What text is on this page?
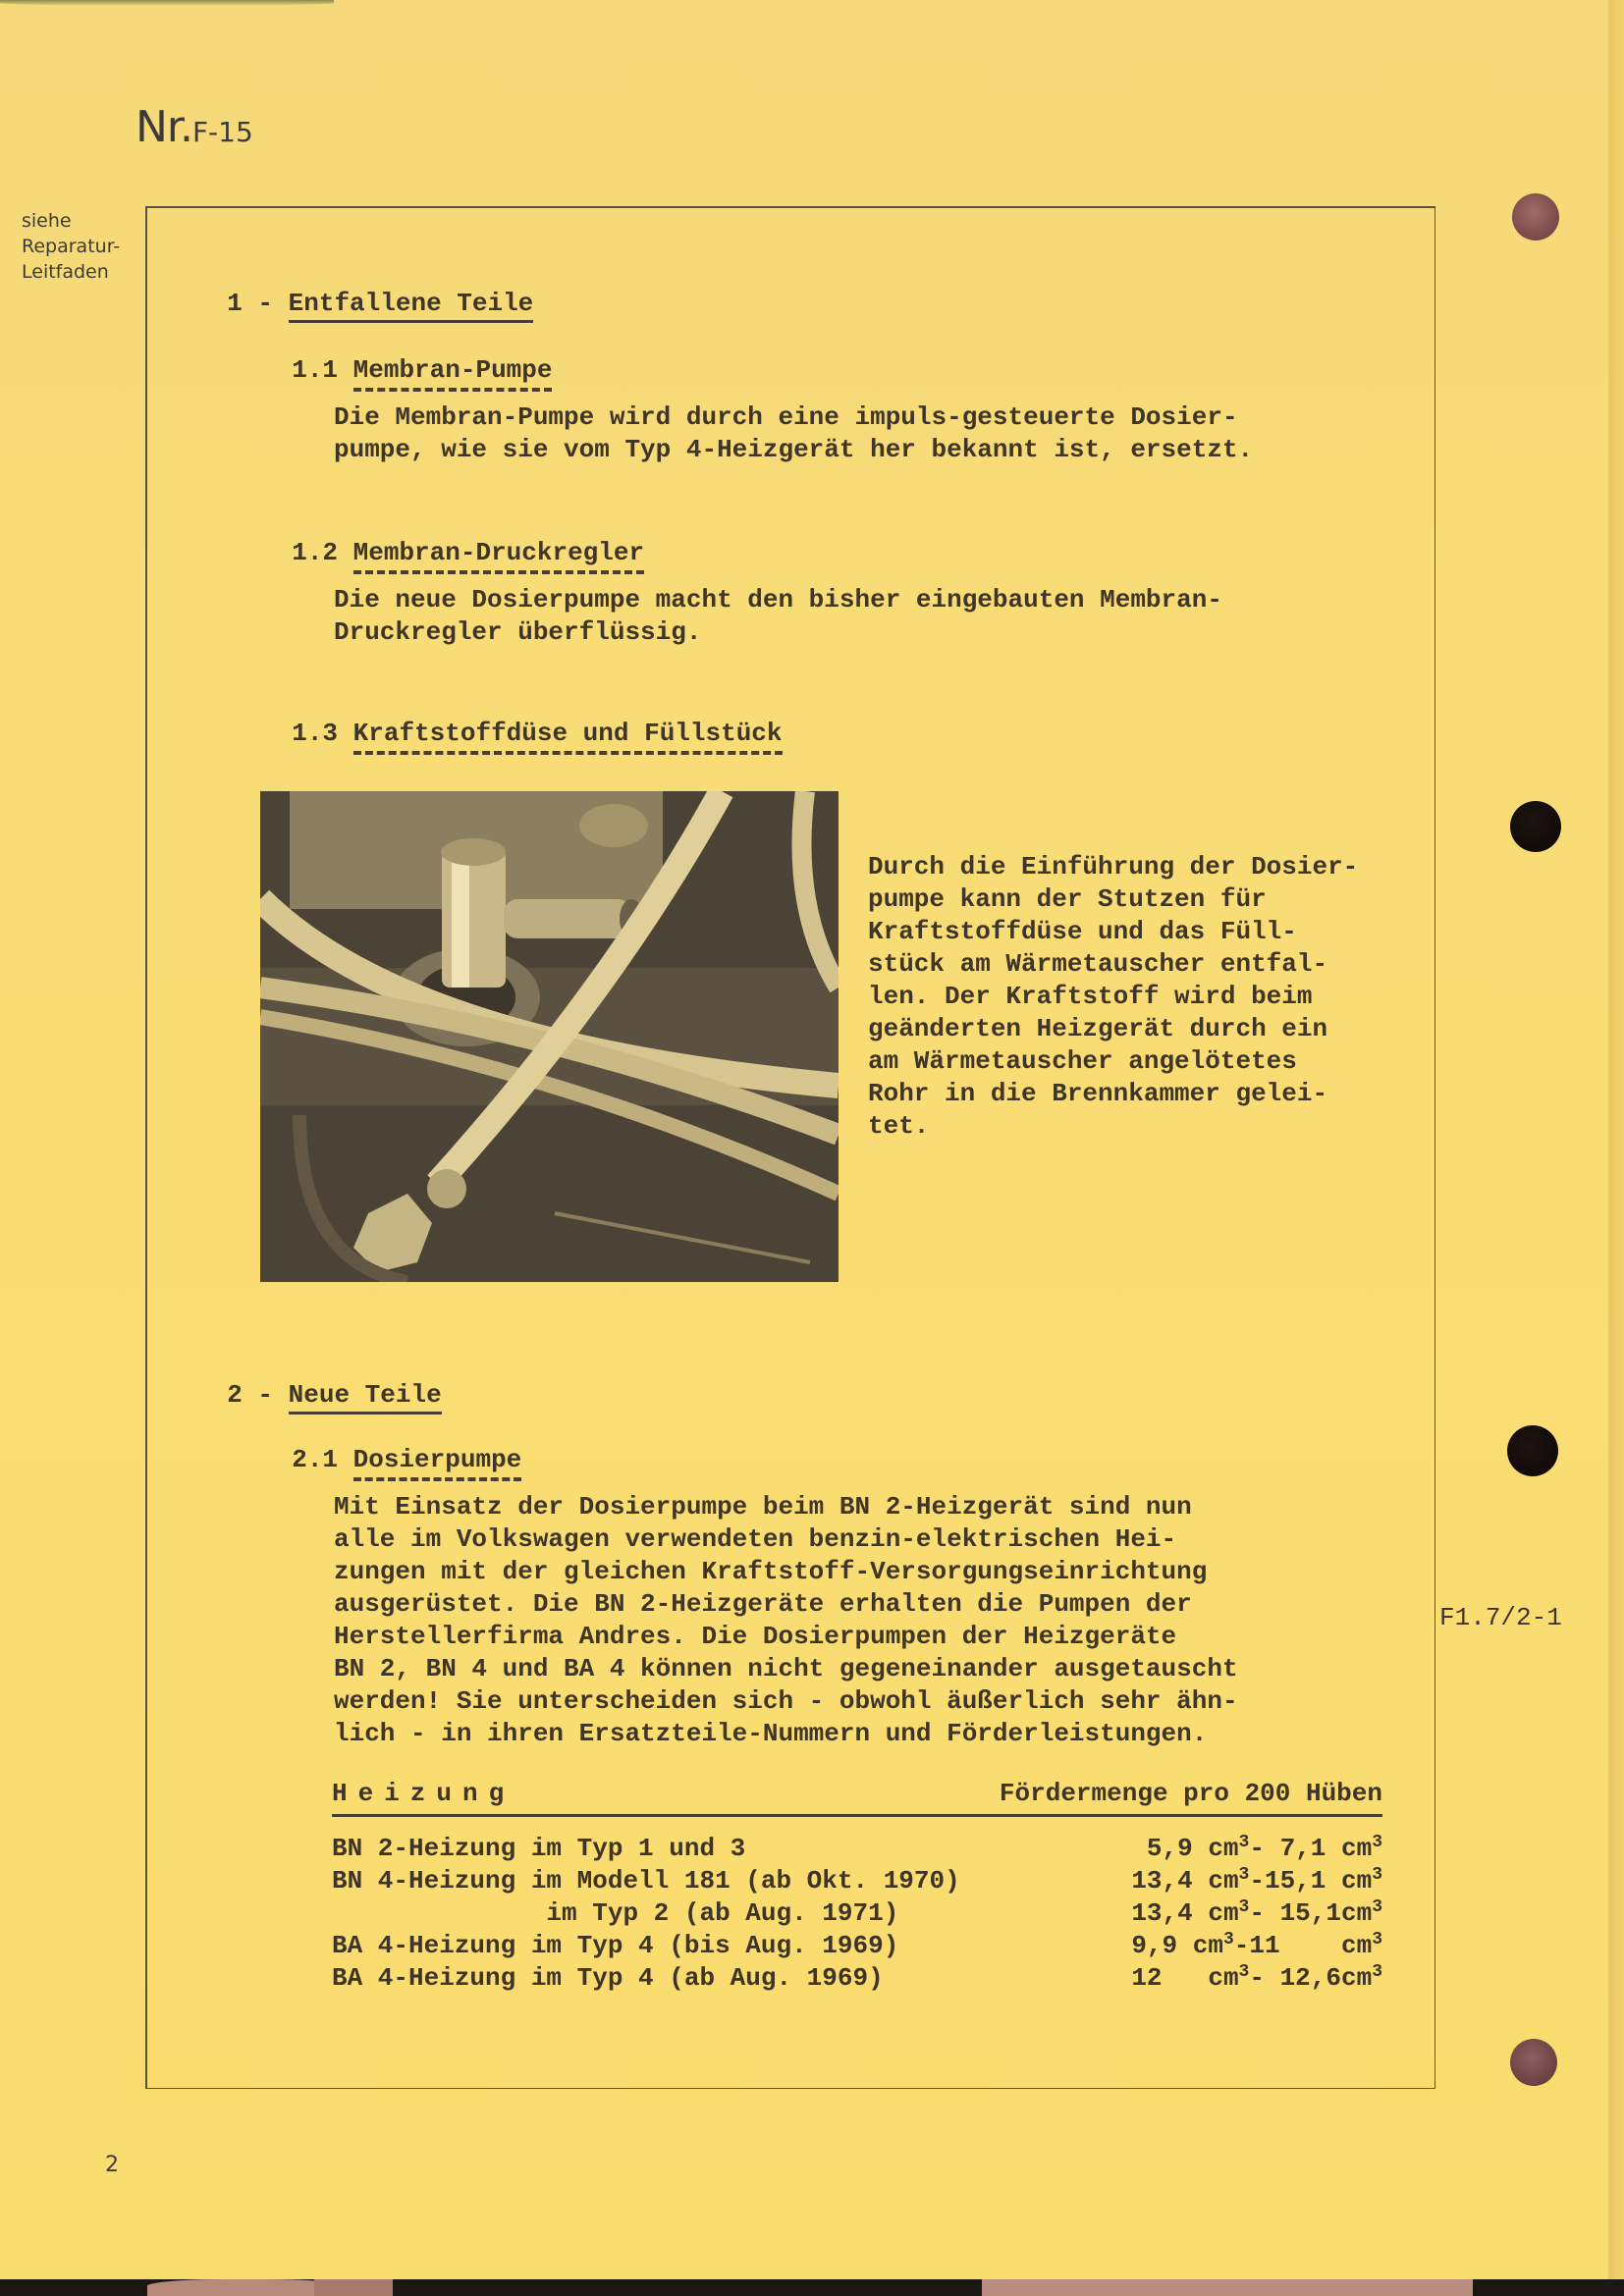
Nr.F-15
siehe
Reparatur-
Leitfaden

1 - Entfallene Teile

1.1 Membran-Pumpe

Die Membran-Pumpe wird durch eine impuls-gesteuerte Dosier-
pumpe, wie sie vom Typ 4-Heizgerät her bekannt ist, ersetzt.

1.2 Membran-Druckregler

Die neue Dosierpumpe macht den bisher eingebauten Membran-
Druckregler überflüssig.

1.3 Kraftstoffdüse und Füllstück

Durch die Einführung der Dosier-
pumpe kann der Stutzen für
Kraftstoffdüse und das Füll-
stück am Wärmetauscher entfal-
len. Der Kraftstoff wird beim
geänderten Heizgerät durch ein
am Wärmetauscher angelötetes
Rohr in die Brennkammer gelei-
tet.

2 - Neue Teile

2.1 Dosierpumpe

Mit Einsatz der Dosierpumpe beim BN 2-Heizgerät sind nun
alle im Volkswagen verwendeten benzin-elektrischen Hei-
zungen mit der gleichen Kraftstoff-Versorgungseinrichtung
ausgerüstet. Die BN 2-Heizgeräte erhalten die Pumpen der
Herstellerfirma Andres. Die Dosierpumpen der Heizgeräte
BN 2, BN 4 und BA 4 können nicht gegeneinander ausgetauscht
werden! Sie unterscheiden sich - obwohl äußerlich sehr ähn-
lich - in ihren Ersatzteile-Nummern und Förderleistungen.
Heizung	Fördermenge pro 200 Hüben
BN 2-Heizung im Typ 1 und 3	5,9 $cm^3-$ 7,1 $cm^3$
BN 4-Heizung im Modell 181 (ab Okt. 1970)	13,4 $cm^3-15,1$ $cm^3$
im Typ 2 (ab Aug. 1971)	13,4 $cm^3-$ $15,1cm^3$
BA 4-Heizung im Typ 4 (bis Aug. 1969)	9,9 $cm^3-11$    $cm^3$
BA 4-Heizung im Typ 4 (ab Aug. 1969)	12   $cm^3-$ $12,6cm^3$
F1.7/2-1
2
